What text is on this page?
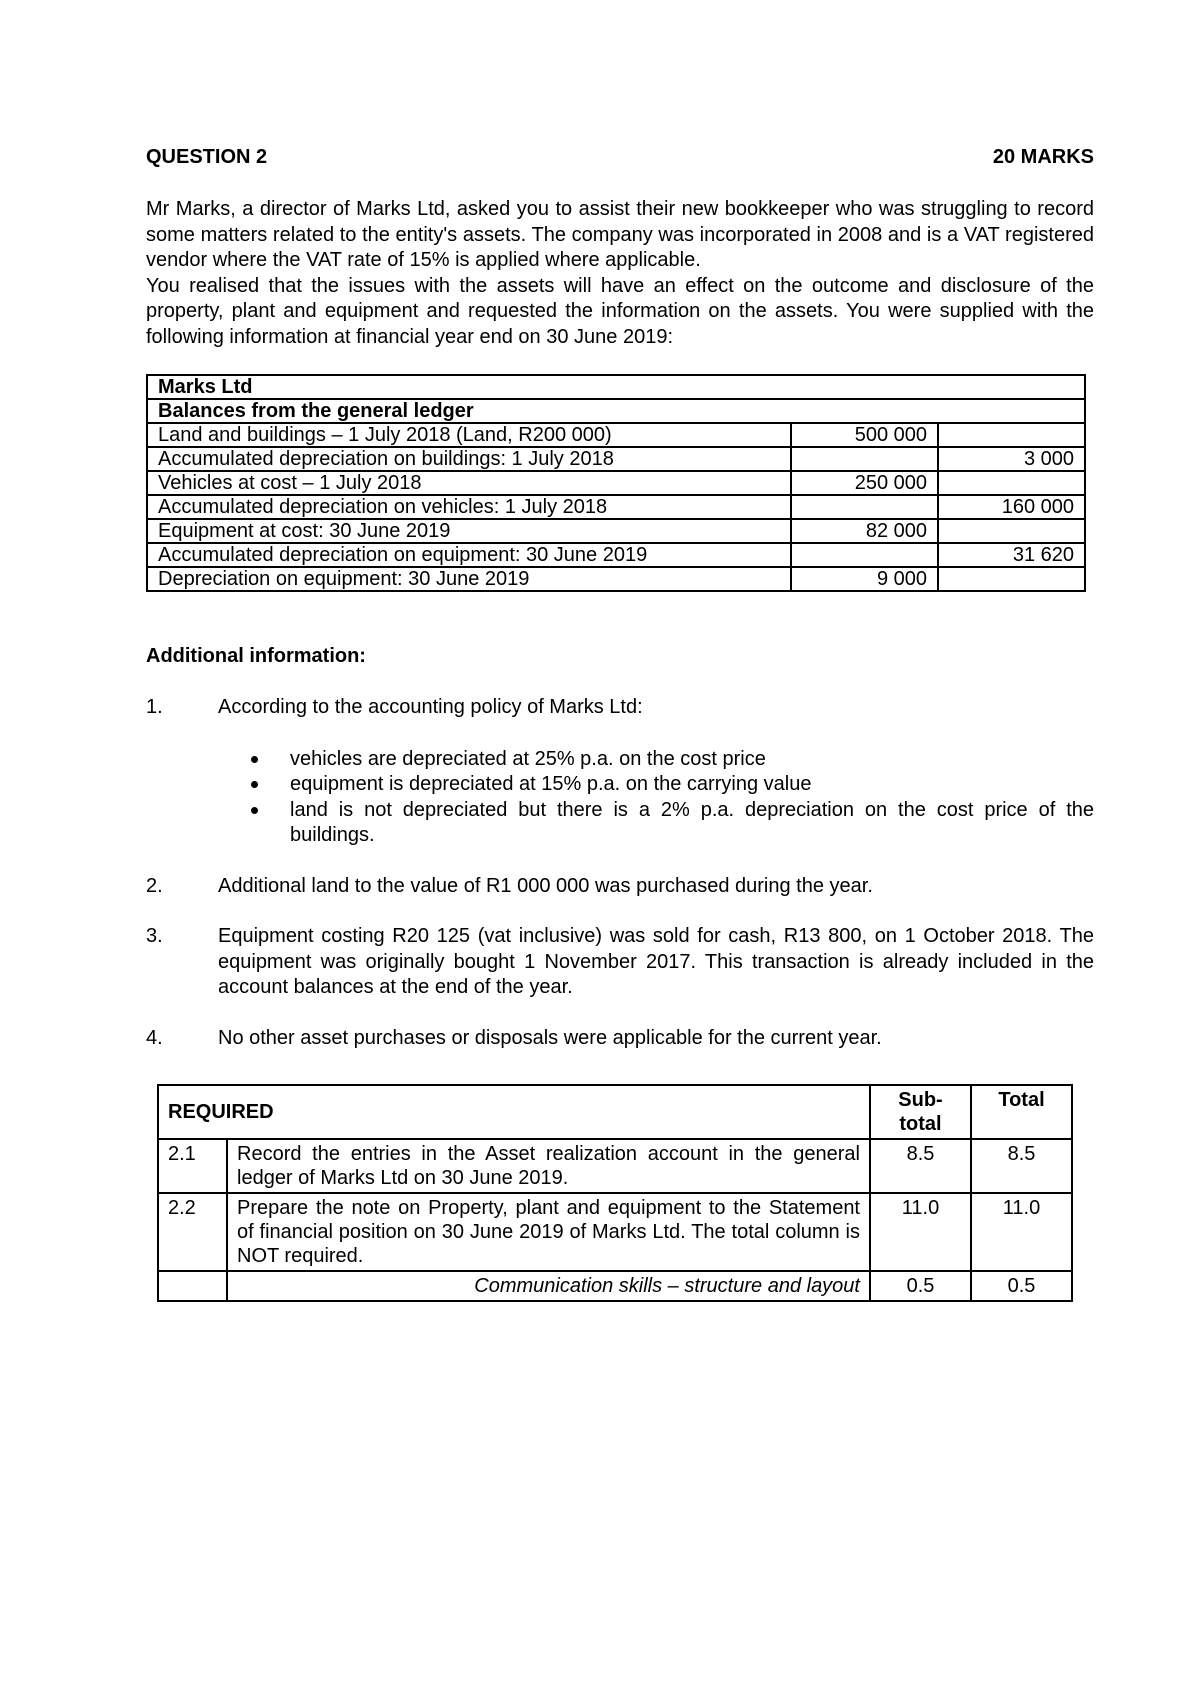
QUESTION 2	20 MARKS

Mr Marks, a director of Marks Ltd, asked you to assist their new bookkeeper who was struggling to record some matters related to the entity's assets. The company was incorporated in 2008 and is a VAT registered vendor where the VAT rate of 15% is applied where applicable.

You realised that the issues with the assets will have an effect on the outcome and disclosure of the property, plant and equipment and requested the information on the assets. You were supplied with the following information at financial year end on 30 June 2019:

Marks Ltd		
Balances from the general ledger		
Land and buildings – 1 July 2018 (Land, R200 000)	500 000	
Accumulated depreciation on buildings: 1 July 2018		3 000
Vehicles at cost – 1 July 2018	250 000	
Accumulated depreciation on vehicles: 1 July 2018		160 000
Equipment at cost: 30 June 2019	82 000	
Accumulated depreciation on equipment: 30 June 2019		31 620
Depreciation on equipment: 30 June 2019	9 000	
Additional information:
1.	According to the accounting policy of Marks Ltd:
vehicles are depreciated at 25% p.a. on the cost price
equipment is depreciated at 15% p.a. on the carrying value
land is not depreciated but there is a 2% p.a. depreciation on the cost price of the buildings.
2.	Additional land to the value of R1 000 000 was purchased during the year.
3.	Equipment costing R20 125 (vat inclusive) was sold for cash, R13 800, on 1 October 2018. The equipment was originally bought 1 November 2017. This transaction is already included in the account balances at the end of the year.
4.	No other asset purchases or disposals were applicable for the current year.
REQUIRED		Sub-total	Total
2.1	Record the entries in the Asset realization account in the general ledger of Marks Ltd on 30 June 2019.	8.5	8.5
2.2	Prepare the note on Property, plant and equipment to the Statement of financial position on 30 June 2019 of Marks Ltd. The total column is NOT required.	11.0	11.0
	Communication skills – structure and layout	0.5	0.5
